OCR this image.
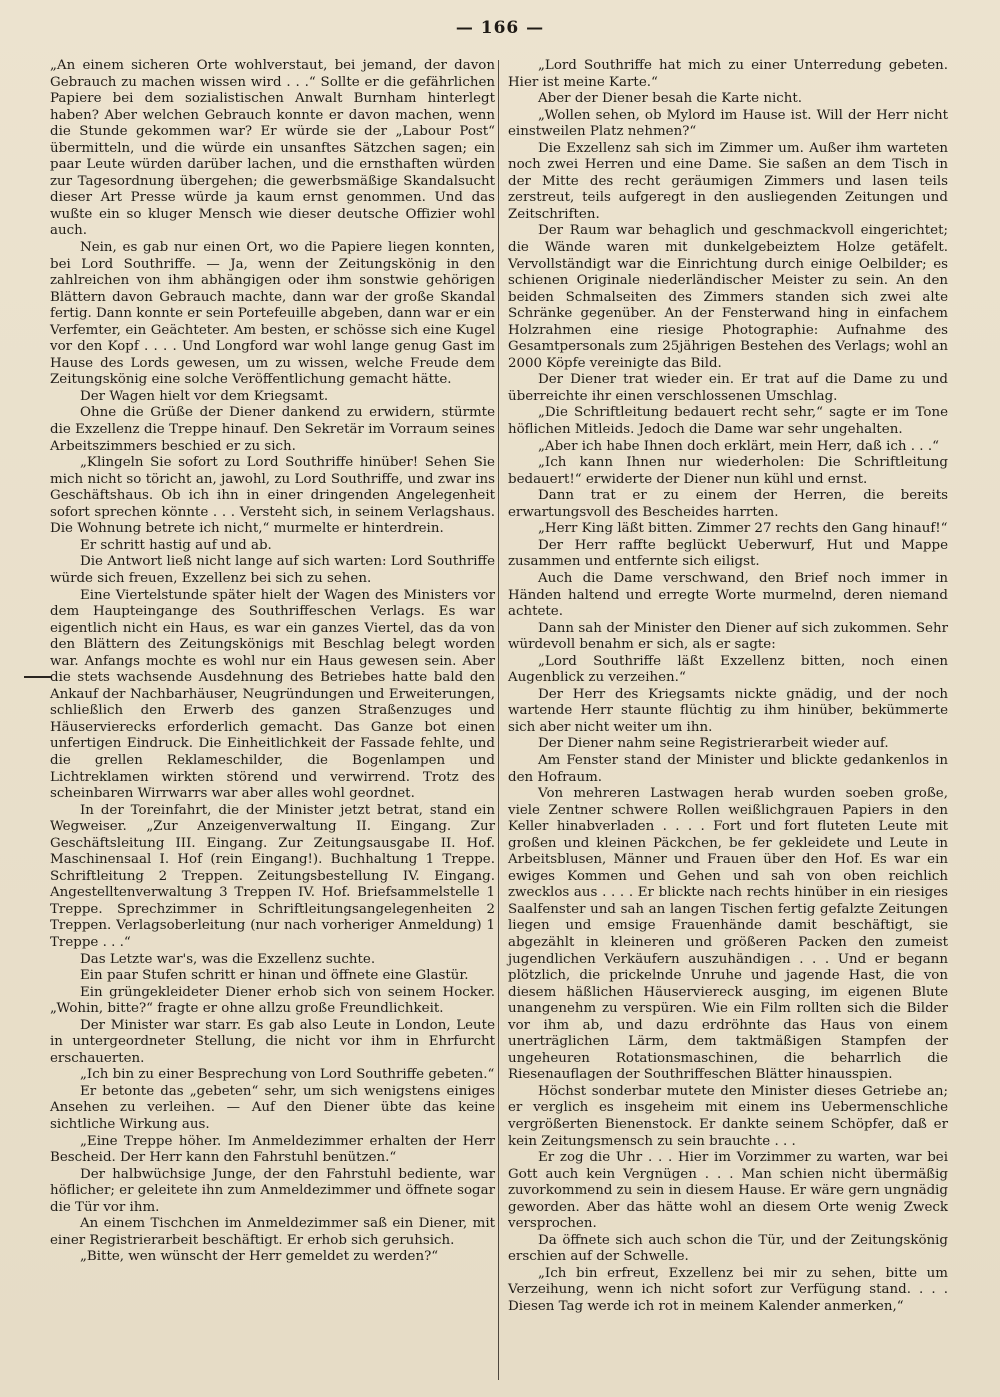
— 166 —

„An einem sicheren Orte wohlverstaut, bei jemand, der davon Gebrauch zu machen wissen wird . . .“ Sollte er die gefährlichen Papiere bei dem sozialistischen Anwalt Burnham hinterlegt haben? Aber welchen Gebrauch konnte er davon machen, wenn die Stunde gekommen war? Er würde sie der „Labour Post“ übermitteln, und die würde ein unsanftes Sätzchen sagen; ein paar Leute würden darüber lachen, und die ernsthaften würden zur Tagesordnung übergehen; die gewerbsmäßige Skandalsucht dieser Art Presse würde ja kaum ernst genommen. Und das wußte ein so kluger Mensch wie dieser deutsche Offizier wohl auch.

Nein, es gab nur einen Ort, wo die Papiere liegen konnten, bei Lord Southriffe. — Ja, wenn der Zeitungskönig in den zahlreichen von ihm abhängigen oder ihm sonstwie gehörigen Blättern davon Gebrauch machte, dann war der große Skandal fertig. Dann konnte er sein Portefeuille abgeben, dann war er ein Verfemter, ein Geächteter. Am besten, er schösse sich eine Kugel vor den Kopf . . . . Und Longford war wohl lange genug Gast im Hause des Lords gewesen, um zu wissen, welche Freude dem Zeitungskönig eine solche Veröffentlichung gemacht hätte.

Der Wagen hielt vor dem Kriegsamt.

Ohne die Grüße der Diener dankend zu erwidern, stürmte die Exzellenz die Treppe hinauf. Den Sekretär im Vorraum seines Arbeitszimmers beschied er zu sich.

„Klingeln Sie sofort zu Lord Southriffe hinüber! Sehen Sie mich nicht so töricht an, jawohl, zu Lord Southriffe, und zwar ins Geschäftshaus. Ob ich ihn in einer dringenden Angelegenheit sofort sprechen könnte . . . Versteht sich, in seinem Verlagshaus. Die Wohnung betrete ich nicht,“ murmelte er hinterdrein.

Er schritt hastig auf und ab.

Die Antwort ließ nicht lange auf sich warten: Lord Southriffe würde sich freuen, Exzellenz bei sich zu sehen.

Eine Viertelstunde später hielt der Wagen des Ministers vor dem Haupteingange des Southriffeschen Verlags. Es war eigentlich nicht ein Haus, es war ein ganzes Viertel, das da von den Blättern des Zeitungskönigs mit Beschlag belegt worden war. Anfangs mochte es wohl nur ein Haus gewesen sein. Aber die stets wachsende Ausdehnung des Betriebes hatte bald den Ankauf der Nachbarhäuser, Neugründungen und Erweiterungen, schließlich den Erwerb des ganzen Straßenzuges und Häuservierecks erforderlich gemacht. Das Ganze bot einen unfertigen Eindruck. Die Einheitlichkeit der Fassade fehlte, und die grellen Reklameschilder, die Bogenlampen und Lichtreklamen wirkten störend und verwirrend. Trotz des scheinbaren Wirrwarrs war aber alles wohl geordnet.

In der Toreinfahrt, die der Minister jetzt betrat, stand ein Wegweiser. „Zur Anzeigenverwaltung II. Eingang. Zur Geschäftsleitung III. Eingang. Zur Zeitungsausgabe II. Hof. Maschinensaal I. Hof (rein Eingang!). Buchhaltung 1 Treppe. Schriftleitung 2 Treppen. Zeitungsbestellung IV. Eingang. Angestelltenverwaltung 3 Treppen IV. Hof. Briefsammelstelle 1 Treppe. Sprechzimmer in Schriftleitungsangelegenheiten 2 Treppen. Verlagsoberleitung (nur nach vorheriger Anmeldung) 1 Treppe . . .“

Das Letzte war's, was die Exzellenz suchte.

Ein paar Stufen schritt er hinan und öffnete eine Glastür.

Ein grüngekleideter Diener erhob sich von seinem Hocker. „Wohin, bitte?“ fragte er ohne allzu große Freundlichkeit.

Der Minister war starr. Es gab also Leute in London, Leute in untergeordneter Stellung, die nicht vor ihm in Ehrfurcht erschauerten.

„Ich bin zu einer Besprechung von Lord Southriffe gebeten.“

Er betonte das „gebeten“ sehr, um sich wenigstens einiges Ansehen zu verleihen. — Auf den Diener übte das keine sichtliche Wirkung aus.

„Eine Treppe höher. Im Anmeldezimmer erhalten der Herr Bescheid. Der Herr kann den Fahrstuhl benützen.“

Der halbwüchsige Junge, der den Fahrstuhl bediente, war höflicher; er geleitete ihn zum Anmeldezimmer und öffnete sogar die Tür vor ihm.

An einem Tischchen im Anmeldezimmer saß ein Diener, mit einer Registrierarbeit beschäftigt. Er erhob sich geruhsich.

„Bitte, wen wünscht der Herr gemeldet zu werden?“

„Lord Southriffe hat mich zu einer Unterredung gebeten. Hier ist meine Karte.“

Aber der Diener besah die Karte nicht.

„Wollen sehen, ob Mylord im Hause ist. Will der Herr nicht einstweilen Platz nehmen?“

Die Exzellenz sah sich im Zimmer um. Außer ihm warteten noch zwei Herren und eine Dame. Sie saßen an dem Tisch in der Mitte des recht geräumigen Zimmers und lasen teils zerstreut, teils aufgeregt in den ausliegenden Zeitungen und Zeitschriften.

Der Raum war behaglich und geschmackvoll eingerichtet; die Wände waren mit dunkelgebeiztem Holze getäfelt. Vervollständigt war die Einrichtung durch einige Oelbilder; es schienen Originale niederländischer Meister zu sein. An den beiden Schmalseiten des Zimmers standen sich zwei alte Schränke gegenüber. An der Fensterwand hing in einfachem Holzrahmen eine riesige Photographie: Aufnahme des Gesamtpersonals zum 25jährigen Bestehen des Verlags; wohl an 2000 Köpfe vereinigte das Bild.

Der Diener trat wieder ein. Er trat auf die Dame zu und überreichte ihr einen verschlossenen Umschlag.

„Die Schriftleitung bedauert recht sehr,“ sagte er im Tone höflichen Mitleids. Jedoch die Dame war sehr ungehalten.

„Aber ich habe Ihnen doch erklärt, mein Herr, daß ich . . .“

„Ich kann Ihnen nur wiederholen: Die Schriftleitung bedauert!“ erwiderte der Diener nun kühl und ernst.

Dann trat er zu einem der Herren, die bereits erwartungsvoll des Bescheides harrten.

„Herr King läßt bitten. Zimmer 27 rechts den Gang hinauf!“

Der Herr raffte beglückt Ueberwurf, Hut und Mappe zusammen und entfernte sich eiligst.

Auch die Dame verschwand, den Brief noch immer in Händen haltend und erregte Worte murmelnd, deren niemand achtete.

Dann sah der Minister den Diener auf sich zukommen. Sehr würdevoll benahm er sich, als er sagte:

„Lord Southriffe läßt Exzellenz bitten, noch einen Augenblick zu verzeihen.“

Der Herr des Kriegsamts nickte gnädig, und der noch wartende Herr staunte flüchtig zu ihm hinüber, bekümmerte sich aber nicht weiter um ihn.

Der Diener nahm seine Registrierarbeit wieder auf.

Am Fenster stand der Minister und blickte gedankenlos in den Hofraum.

Von mehreren Lastwagen herab wurden soeben große, viele Zentner schwere Rollen weißlichgrauen Papiers in den Keller hinabverladen . . . . Fort und fort fluteten Leute mit großen und kleinen Päckchen, be fer gekleidete und Leute in Arbeitsblusen, Männer und Frauen über den Hof. Es war ein ewiges Kommen und Gehen und sah von oben reichlich zwecklos aus . . . . Er blickte nach rechts hinüber in ein riesiges Saalfenster und sah an langen Tischen fertig gefalzte Zeitungen liegen und emsige Frauenhände damit beschäftigt, sie abgezählt in kleineren und größeren Packen den zumeist jugendlichen Verkäufern auszuhändigen . . . Und er begann plötzlich, die prickelnde Unruhe und jagende Hast, die von diesem häßlichen Häuserviereck ausging, im eigenen Blute unangenehm zu verspüren. Wie ein Film rollten sich die Bilder vor ihm ab, und dazu erdröhnte das Haus von einem unerträglichen Lärm, dem taktmäßigen Stampfen der ungeheuren Rotationsmaschinen, die beharrlich die Riesenauflagen der Southriffeschen Blätter hinausspien.

Höchst sonderbar mutete den Minister dieses Getriebe an; er verglich es insgeheim mit einem ins Uebermenschliche vergrößerten Bienenstock. Er dankte seinem Schöpfer, daß er kein Zeitungsmensch zu sein brauchte . . .

Er zog die Uhr . . . Hier im Vorzimmer zu warten, war bei Gott auch kein Vergnügen . . . Man schien nicht übermäßig zuvorkommend zu sein in diesem Hause. Er wäre gern ungnädig geworden. Aber das hätte wohl an diesem Orte wenig Zweck versprochen.

Da öffnete sich auch schon die Tür, und der Zeitungskönig erschien auf der Schwelle.

„Ich bin erfreut, Exzellenz bei mir zu sehen, bitte um Verzeihung, wenn ich nicht sofort zur Verfügung stand. . . . Diesen Tag werde ich rot in meinem Kalender anmerken,“
